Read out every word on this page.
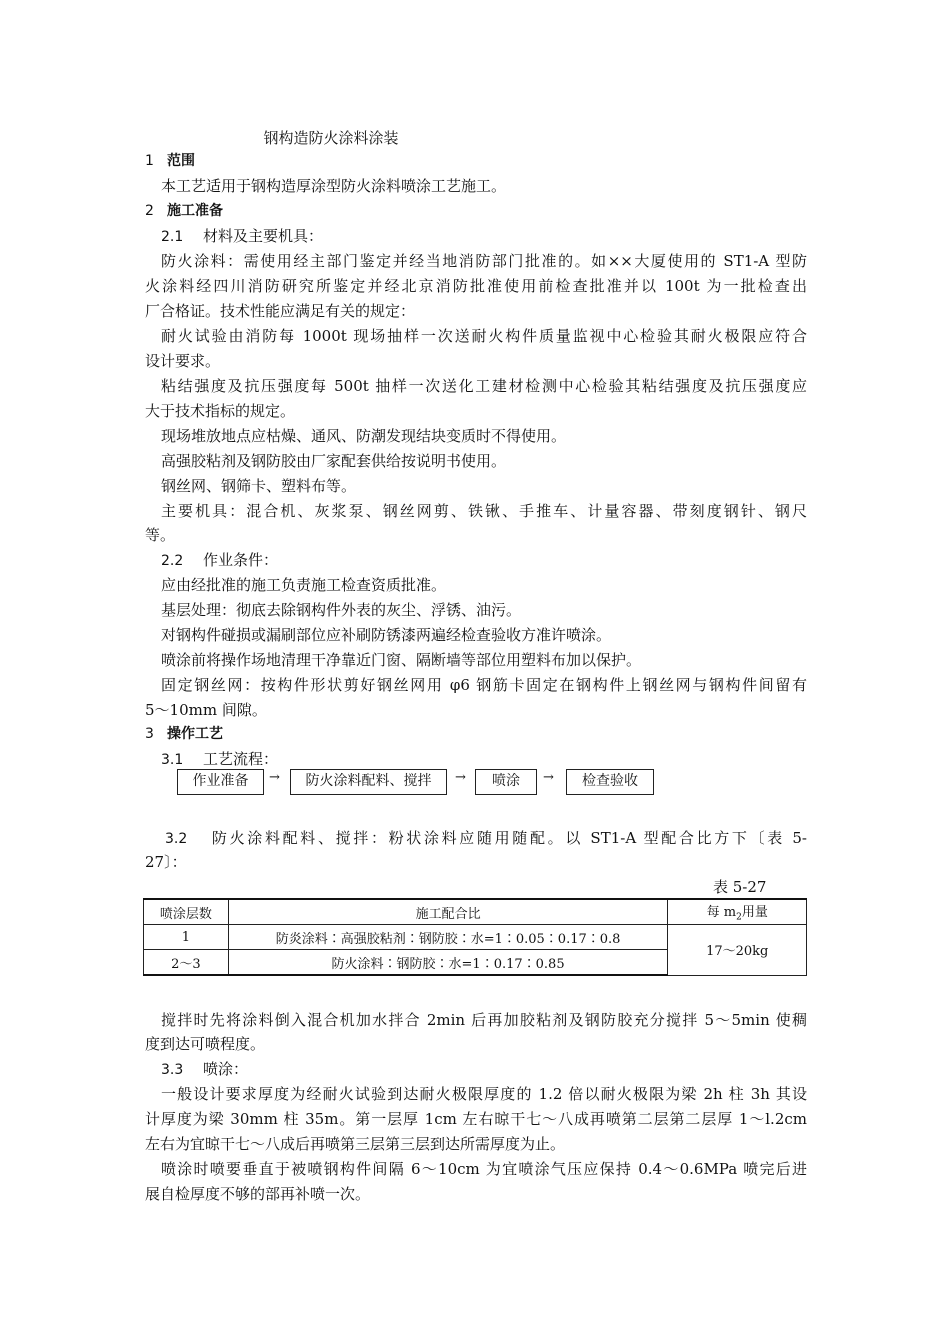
钢构造防火涂料涂装
1 范围
本工艺适用于钢构造厚涂型防火涂料喷涂工艺施工。
2 施工准备
2.1 材料及主要机具：
防火涂料：需使用经主部门鉴定并经当地消防部门批准的。如××大厦使用的 ST1-A 型防
火涂料经四川消防研究所鉴定并经北京消防批准使用前检查批准并以 100t 为一批检查出
厂合格证。技术性能应满足有关的规定：
耐火试验由消防每 1000t 现场抽样一次送耐火构件质量监视中心检验其耐火极限应符合
设计要求。
粘结强度及抗压强度每 500t 抽样一次送化工建材检测中心检验其粘结强度及抗压强度应
大于技术指标的规定。
现场堆放地点应枯燥、通风、防潮发现结块变质时不得使用。
高强胶粘剂及钢防胶由厂家配套供给按说明书使用。
钢丝网、钢筛卡、塑料布等。
主要机具：混合机、灰浆泵、钢丝网剪、铁锹、手推车、计量容器、带刻度钢针、钢尺
等。
2.2 作业条件：
应由经批准的施工负责施工检查资质批准。
基层处理：彻底去除钢构件外表的灰尘、浮锈、油污。
对钢构件碰损或漏刷部位应补刷防锈漆两遍经检查验收方准许喷涂。
喷涂前将操作场地清理干净靠近门窗、隔断墙等部位用塑料布加以保护。
固定钢丝网：按构件形状剪好钢丝网用 φ6 钢筋卡固定在钢构件上钢丝网与钢构件间留有
5～10mm 间隙。
3 操作工艺
3.1 工艺流程：
3.2 防火涂料配料、搅拌：粉状涂料应随用随配。以 ST1-A 型配合比方下〔表 5-
27〕：
搅拌时先将涂料倒入混合机加水拌合 2min 后再加胶粘剂及钢防胶充分搅拌 5～5min 使稠
度到达可喷程度。
3.3 喷涂：
一般设计要求厚度为经耐火试验到达耐火极限厚度的 1.2 倍以耐火极限为梁 2h 柱 3h 其设
计厚度为梁 30mm 柱 35m。第一层厚 1cm 左右晾干七～八成再喷第二层第二层厚 1～l.2cm
左右为宜晾干七～八成后再喷第三层第三层到达所需厚度为止。
喷涂时喷要垂直于被喷钢构件间隔 6～10cm 为宜喷涂气压应保持 0.4～0.6MPa 喷完后进
展自检厚度不够的部再补喷一次。
作业准备	→	防火涂料配料、搅拌	→	喷涂	→	检查验收
表 5-27
喷涂层数	施工配合比	每 $m_2$用量
1	防炎涂料∶高强胶粘剂∶钢防胶∶水=1∶0.05∶0.17∶0.8	17～20kg
2～3	防火涂料∶钢防胶∶水=1∶0.17∶0.85	
